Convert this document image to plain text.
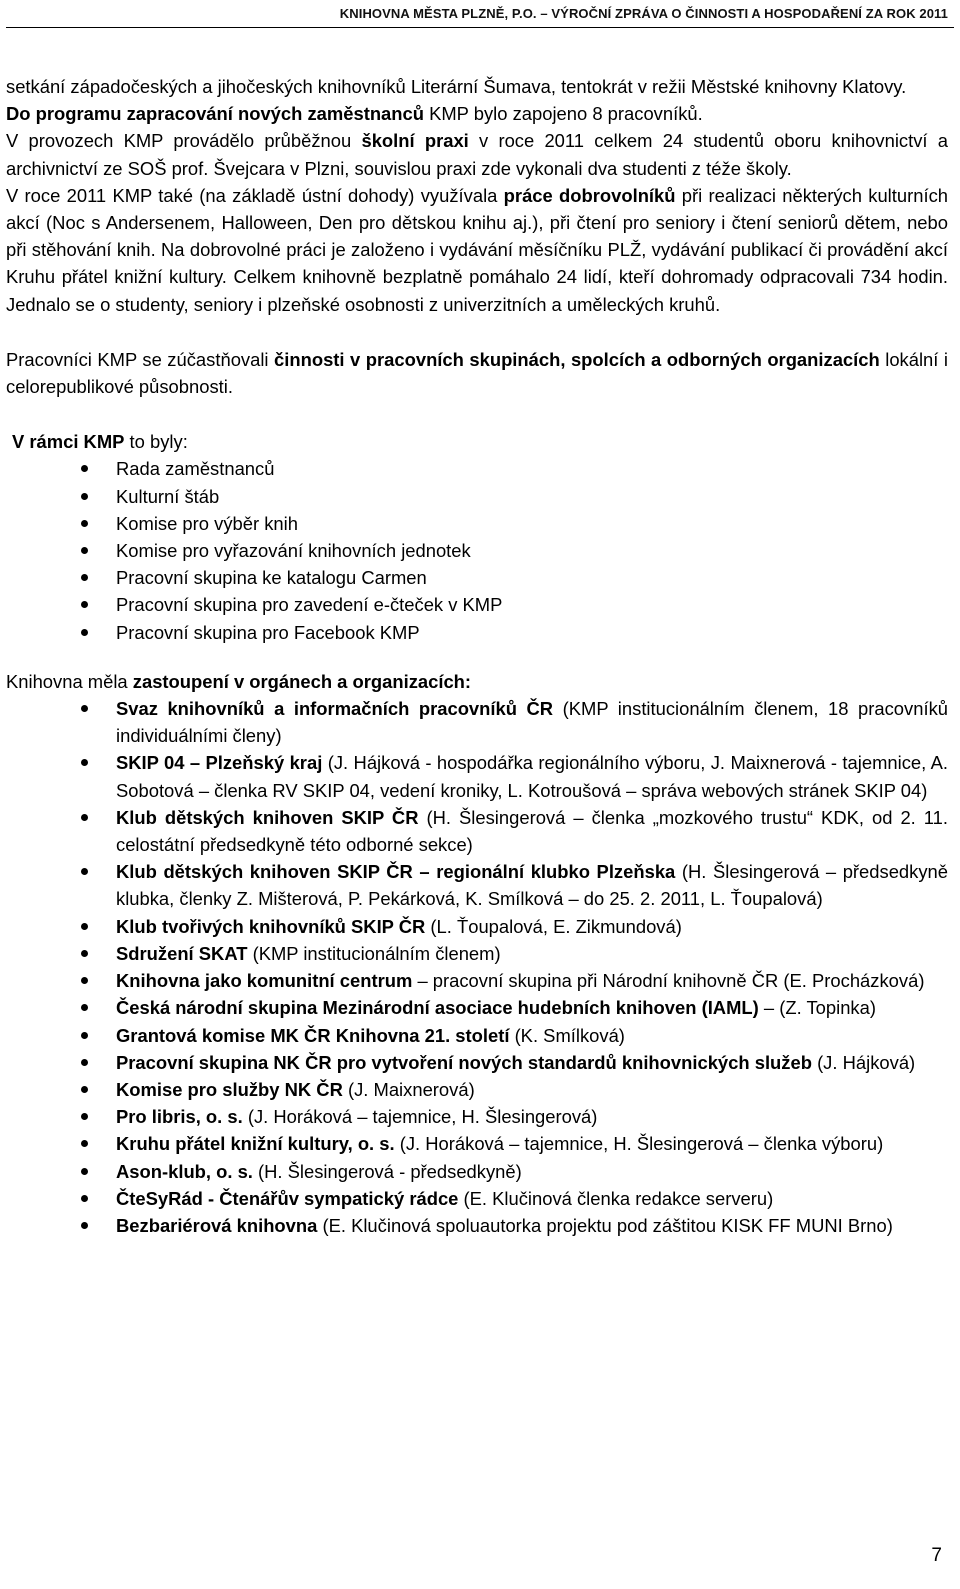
KNIHOVNA MĚSTA PLZNĚ, P.O. – VÝROČNÍ ZPRÁVA O ČINNOSTI A HOSPODAŘENÍ ZA ROK 2011

setkání západočeských a jihočeských knihovníků Literární Šumava, tentokrát v režii Městské knihovny Klatovy.

Do programu zapracování nových zaměstnanců KMP bylo zapojeno 8 pracovníků.

V provozech KMP provádělo průběžnou školní praxi v roce 2011 celkem 24 studentů oboru knihovnictví a archivnictví ze SOŠ prof. Švejcara v Plzni, souvislou praxi zde vykonali dva studenti z téže školy.

V roce 2011 KMP také (na základě ústní dohody) využívala práce dobrovolníků při realizaci některých kulturních akcí (Noc s Andersenem, Halloween, Den pro dětskou knihu aj.), při čtení pro seniory i čtení seniorů dětem, nebo při stěhování knih. Na dobrovolné práci je založeno i vydávání měsíčníku PLŽ, vydávání publikací či provádění akcí Kruhu přátel knižní kultury. Celkem knihovně bezplatně pomáhalo 24 lidí, kteří dohromady odpracovali 734 hodin. Jednalo se o studenty, seniory i plzeňské osobnosti z univerzitních a uměleckých kruhů.

Pracovníci KMP se zúčastňovali činnosti v pracovních skupinách, spolcích a odborných organizacích lokální i celorepublikové působnosti.

V rámci KMP to byly:

Rada zaměstnanců
Kulturní štáb
Komise pro výběr knih
Komise pro vyřazování knihovních jednotek
Pracovní skupina ke katalogu Carmen
Pracovní skupina pro zavedení e-čteček v KMP
Pracovní skupina pro Facebook KMP

Knihovna měla zastoupení v orgánech a organizacích:

Svaz knihovníků a informačních pracovníků ČR (KMP institucionálním členem, 18 pracovníků individuálními členy)
SKIP 04 – Plzeňský kraj (J. Hájková - hospodářka regionálního výboru, J. Maixnerová - tajemnice, A. Sobotová – členka RV SKIP 04, vedení kroniky, L. Kotroušová – správa webových stránek SKIP 04)
Klub dětských knihoven SKIP ČR (H. Šlesingerová – členka „mozkového trustu“ KDK, od 2. 11. celostátní předsedkyně této odborné sekce)
Klub dětských knihoven SKIP ČR – regionální klubko Plzeňska (H. Šlesingerová – předsedkyně klubka, členky Z. Mišterová, P. Pekárková, K. Smílková – do 25. 2. 2011, L. Ťoupalová)
Klub tvořivých knihovníků SKIP ČR (L. Ťoupalová, E. Zikmundová)
Sdružení SKAT (KMP institucionálním členem)
Knihovna jako komunitní centrum – pracovní skupina při Národní knihovně ČR (E. Procházková)
Česká národní skupina Mezinárodní asociace hudebních knihoven (IAML) – (Z. Topinka)
Grantová komise MK ČR Knihovna 21. století (K. Smílková)
Pracovní skupina NK ČR pro vytvoření nových standardů knihovnických služeb (J. Hájková)
Komise pro služby NK ČR (J. Maixnerová)
Pro libris, o. s. (J. Horáková – tajemnice, H. Šlesingerová)
Kruhu přátel knižní kultury, o. s. (J. Horáková – tajemnice, H. Šlesingerová – členka výboru)
Ason-klub, o. s. (H. Šlesingerová - předsedkyně)
ČteSyRád - Čtenářův sympatický rádce (E. Klučinová členka redakce serveru)
Bezbariérová knihovna (E. Klučinová spoluautorka projektu pod záštitou KISK FF MUNI Brno)
7
